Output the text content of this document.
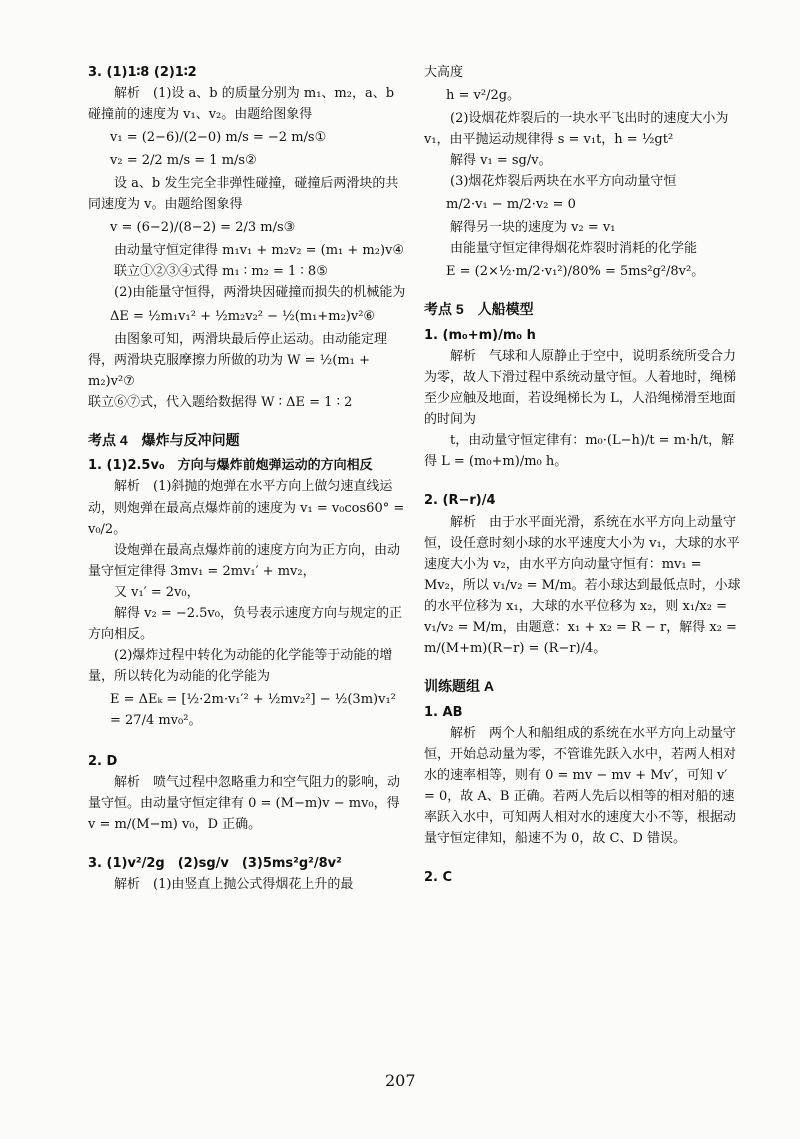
3. (1)1∶8 (2)1∶2

解析　(1)设 a、b 的质量分别为 m₁、m₂，a、b 碰撞前的速度为 v₁、v₂。由题给图象得

v₁ = (2−6)/(2−0) m/s = −2 m/s①

v₂ = 2/2 m/s = 1 m/s②

设 a、b 发生完全非弹性碰撞，碰撞后两滑块的共同速度为 v。由题给图象得

v = (6−2)/(8−2) = 2/3 m/s③

由动量守恒定律得 m₁v₁ + m₂v₂ = (m₁ + m₂)v④

联立①②③④式得 m₁ ∶ m₂ = 1 ∶ 8⑤

(2)由能量守恒得，两滑块因碰撞而损失的机械能为

ΔE = ½m₁v₁² + ½m₂v₂² − ½(m₁+m₂)v²⑥

由图象可知，两滑块最后停止运动。由动能定理得，两滑块克服摩擦力所做的功为 W = ½(m₁ + m₂)v²⑦

联立⑥⑦式，代入题给数据得 W ∶ ΔE = 1 ∶ 2

考点 4　爆炸与反冲问题

1. (1)2.5v₀　方向与爆炸前炮弹运动的方向相反

解析　(1)斜抛的炮弹在水平方向上做匀速直线运动，则炮弹在最高点爆炸前的速度为 v₁ = v₀cos60° = v₀/2。

设炮弹在最高点爆炸前的速度方向为正方向，由动量守恒定律得 3mv₁ = 2mv₁′ + mv₂，

又 v₁′ = 2v₀，

解得 v₂ = −2.5v₀，负号表示速度方向与规定的正方向相反。

(2)爆炸过程中转化为动能的化学能等于动能的增量，所以转化为动能的化学能为

E = ΔEₖ = [½·2m·v₁′² + ½mv₂²] − ½(3m)v₁² = 27/4 mv₀²。

2. D

解析　喷气过程中忽略重力和空气阻力的影响，动量守恒。由动量守恒定律有 0 = (M−m)v − mv₀，得 v = m/(M−m) v₀，D 正确。

3. (1)v²/2g　(2)sg/v　(3)5ms²g²/8v²

解析　(1)由竖直上抛公式得烟花上升的最

大高度

h = v²/2g。

(2)设烟花炸裂后的一块水平飞出时的速度大小为 v₁，由平抛运动规律得 s = v₁t，h = ½gt²

解得 v₁ = sg/v。

(3)烟花炸裂后两块在水平方向动量守恒

m/2·v₁ − m/2·v₂ = 0

解得另一块的速度为 v₂ = v₁

由能量守恒定律得烟花炸裂时消耗的化学能

E = (2×½·m/2·v₁²)/80% = 5ms²g²/8v²。

考点 5　人船模型

1. (m₀+m)/m₀ h

解析　气球和人原静止于空中，说明系统所受合力为零，故人下滑过程中系统动量守恒。人着地时，绳梯至少应触及地面，若设绳梯长为 L，人沿绳梯滑至地面的时间为

t，由动量守恒定律有：m₀·(L−h)/t = m·h/t，解得 L = (m₀+m)/m₀ h。

2. (R−r)/4

解析　由于水平面光滑，系统在水平方向上动量守恒，设任意时刻小球的水平速度大小为 v₁，大球的水平速度大小为 v₂，由水平方向动量守恒有：mv₁ = Mv₂，所以 v₁/v₂ = M/m。若小球达到最低点时，小球的水平位移为 x₁，大球的水平位移为 x₂，则 x₁/x₂ = v₁/v₂ = M/m，由题意：x₁ + x₂ = R − r，解得 x₂ = m/(M+m)(R−r) = (R−r)/4。

训练题组 A

1. AB

解析　两个人和船组成的系统在水平方向上动量守恒，开始总动量为零，不管谁先跃入水中，若两人相对水的速率相等，则有 0 = mv − mv + Mv′，可知 v′ = 0，故 A、B 正确。若两人先后以相等的相对船的速率跃入水中，可知两人相对水的速度大小不等，根据动量守恒定律知，船速不为 0，故 C、D 错误。

2. C

207
